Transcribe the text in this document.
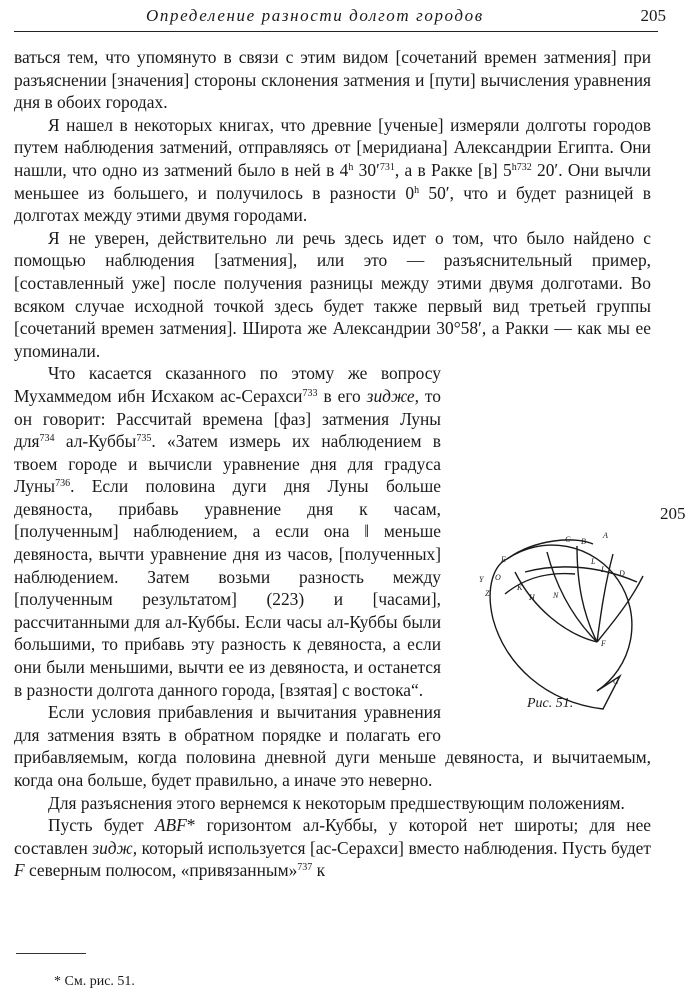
Определение разности долгот городов	205

ваться тем, что упомянуто в связи с этим видом [сочетаний времен затмения] при разъяснении [значения] стороны склонения затмения и [пути] вычисления уравнения дня в обоих городах.

Я нашел в некоторых книгах, что древние [ученые] измеряли долготы городов путем наблюдения затмений, отправляясь от [меридиана] Александрии Египта. Они нашли, что одно из затмений было в ней в 4$^h$ $30'^{731}$, а в Ракке [в] $5^{h732}$ 20′. Они вычли меньшее из большего, и получилось в разности 0$^h$ 50′, что и будет разницей в долготах между этими двумя городами.

Я не уверен, действительно ли речь здесь идет о том, что было найдено с помощью наблюдения [затмения], или это — разъяснительный пример, [составленный уже] после получения разницы между этими двумя долготами. Во всяком случае исходной точкой здесь будет также первый вид третьей группы [сочетаний времен затмения]. Широта же Александрии 30°58′, а Ракки — как мы ее упоминали.

Что касается сказанного по этому же вопросу Мухаммедом ибн Исхаком ас-Серахси$^{733}$ в его зидже, то он говорит: Рассчитай времена [фаз] затмения Луны для$^{734}$ ал-Куббы$^{735}$. «Затем измерь их наблюдением в твоем городе и вычисли уравнение дня для градуса Луны$^{736}$. Если половина дуги дня Луны больше девяноста, прибавь уравнение дня к часам, [полученным] наблюдением, а если она ‖ меньше девяноста, вычти уравнение дня из часов, [полученных] наблюдением. Затем возьми разность между [полученным результатом] (223) и [часами], рассчитанными для ал-Куббы. Если часы ал-Куббы были большими, то прибавь эту разность к девяноста, а если они были меньшими, вычти ее из девяноста, и останется в разности долгота данного города, [взятая] с востока“.

Если условия прибавления и вычитания уравнения для затмения взять в обратном порядке и полагать его прибавляемым, когда половина дневной дуги меньше девяноста, и вычитаемым, когда она больше, будет правильно, а иначе это неверно.

Для разъяснения этого вернемся к некоторым предшествующим положениям.

Пусть будет ABF* горизонтом ал-Куббы, у которой нет широты; для нее составлен зидж, который используется [ас-Серахси] вместо наблюдения. Пусть будет F северным полюсом, «привязанным»$^{737}$ к

A
C B
L
I D
E
O
K
H N
F
Z
Y
C
Рис. 51.
205
* См. рис. 51.
